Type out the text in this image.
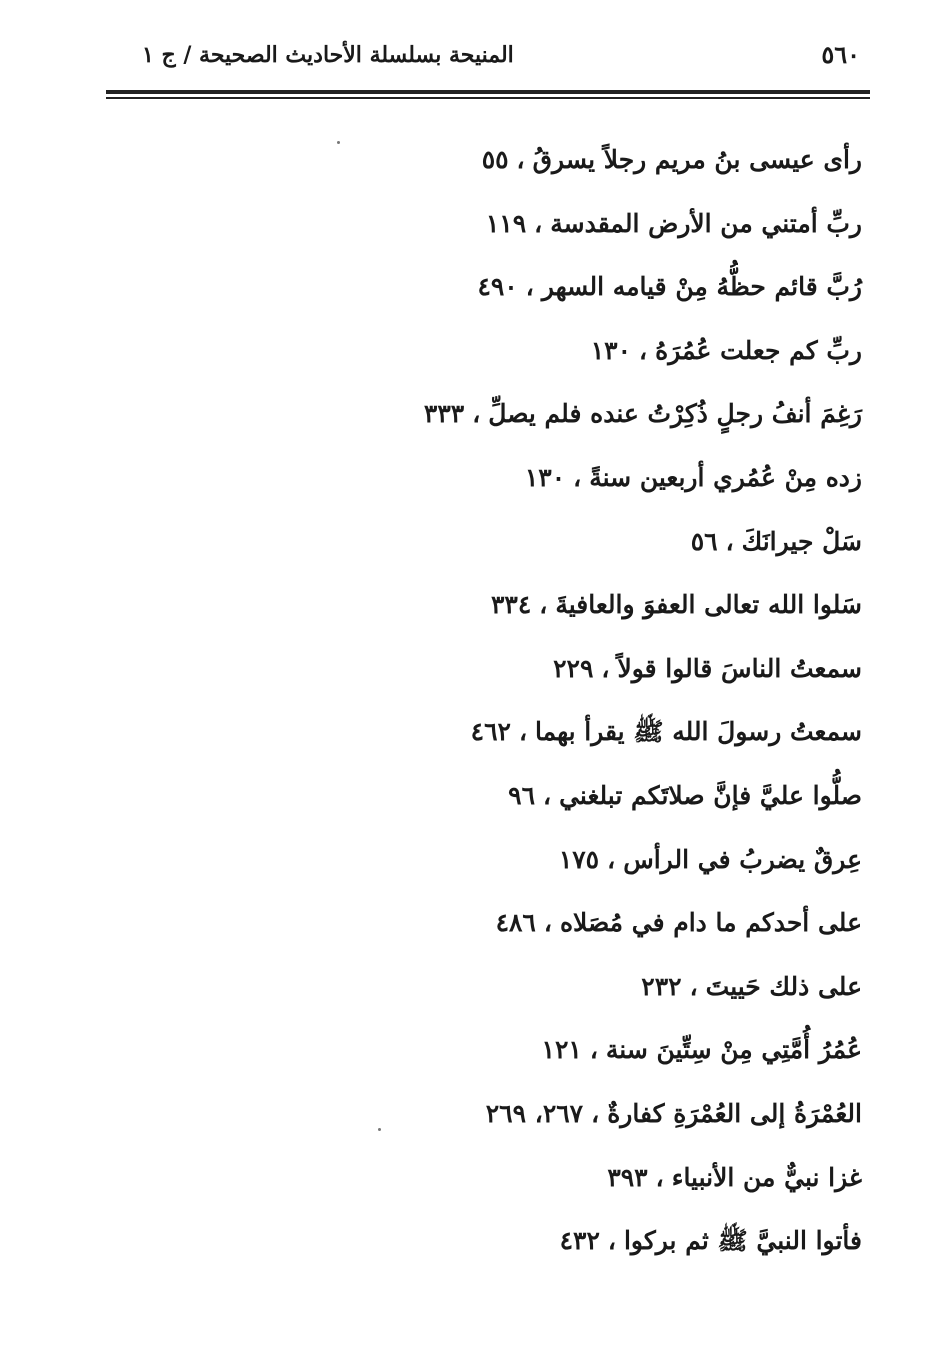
٥٦٠
المنيحة بسلسلة الأحاديث الصحيحة / ج ١
رأى عيسى بنُ مريم رجلاً يسرقُ،٥٥
ربِّ أمتني من الأرض المقدسة،١١٩
رُبَّ قائم حظُّهُ مِنْ قيامه السهر،٤٩٠
ربِّ كم جعلت عُمُرَهُ،١٣٠
رَغِمَ أنفُ رجلٍ ذُكِرْتُ عنده فلم يصلِّ،٣٣٣
زده مِنْ عُمُري أربعين سنةً،١٣٠
سَلْ جيرانَكَ،٥٦
سَلوا الله تعالى العفوَ والعافيةَ،٣٣٤
سمعتُ الناسَ قالوا قولاً،٢٢٩
سمعتُ رسولَ الله ﷺ يقرأ بهما،٤٦٢
صلُّوا عليَّ فإنَّ صلاتَكم تبلغني،٩٦
عِرقٌ يضربُ في الرأس،١٧٥
على أحدكم ما دام في مُصَلاه،٤٨٦
على ذلك حَييتَ،٢٣٢
عُمُرُ أُمَّتِي مِنْ سِتِّينَ سنة،١٢١
العُمْرَةُ إلى العُمْرَةِ كفارةٌ،٢٦٧، ٢٦٩
غزا نبيٌّ من الأنبياء،٣٩٣
فأتوا النبيَّ ﷺ ثم بركوا،٤٣٢
